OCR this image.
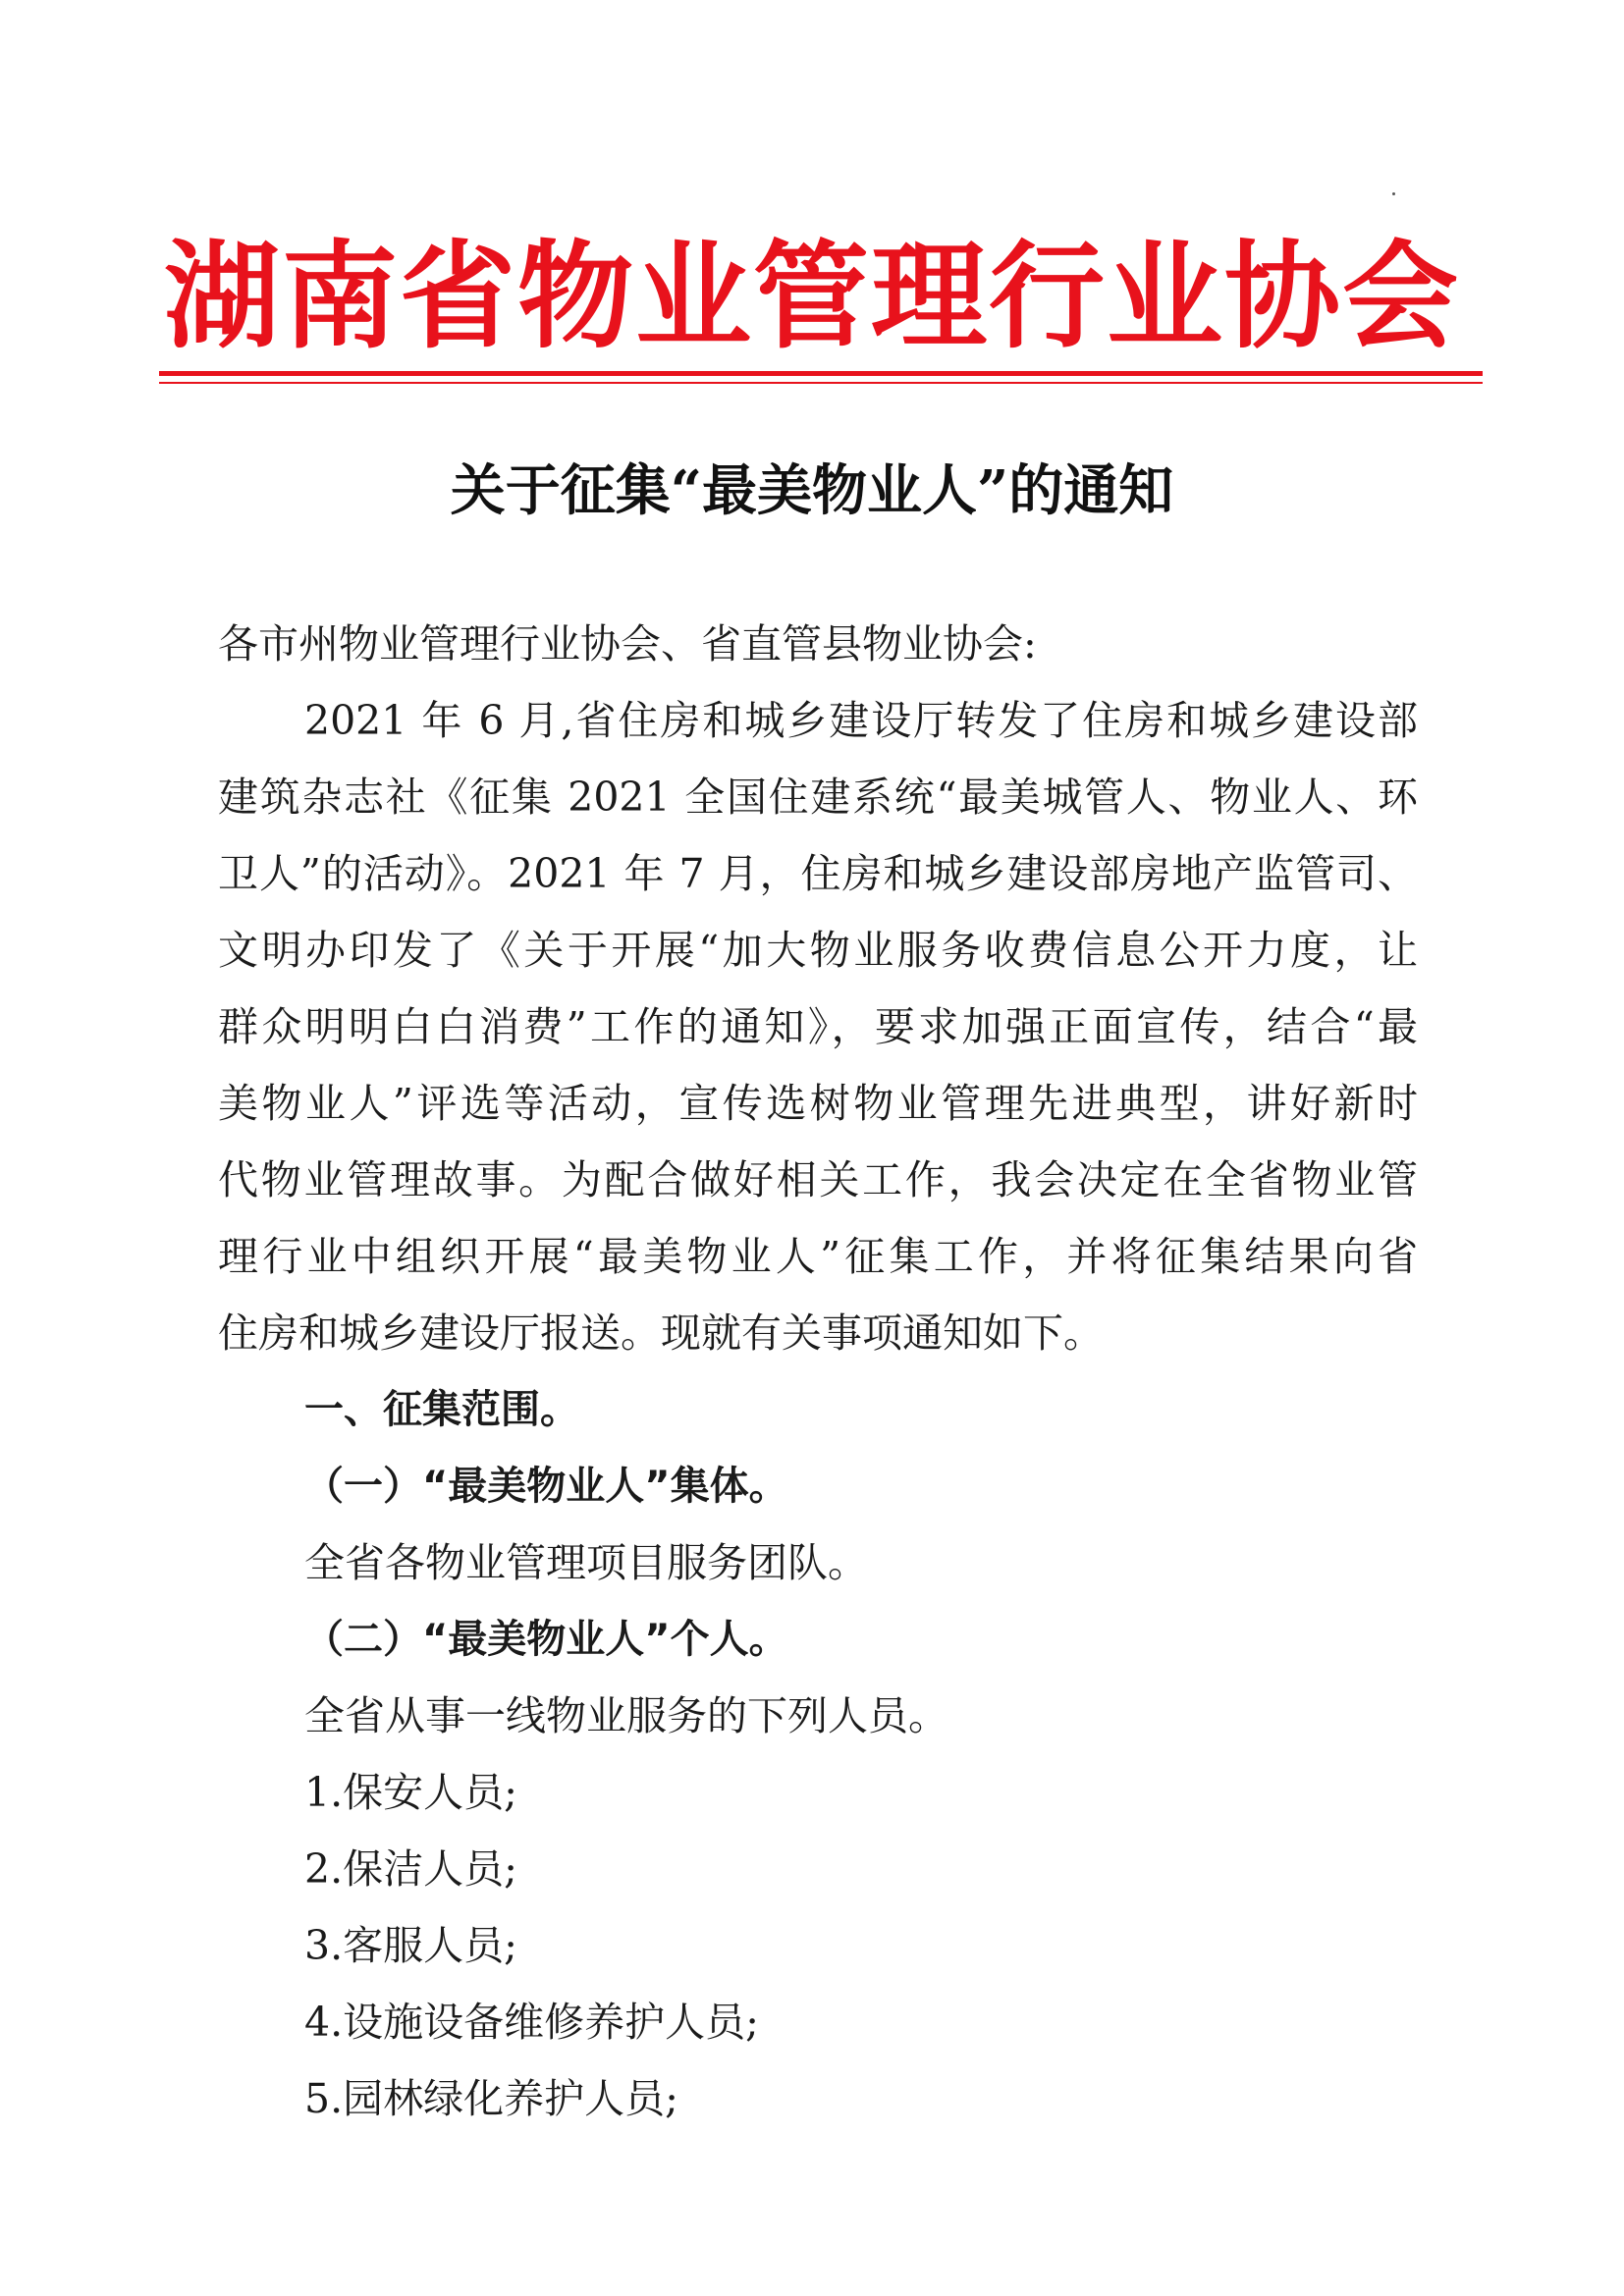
湖南省物业管理行业协会
关于征集“最美物业人”的通知

各市州物业管理行业协会、省直管县物业协会:

2021 年 6 月,省住房和城乡建设厅转发了住房和城乡建设部
建筑杂志社《征集 2021 全国住建系统“最美城管人、物业人、环
卫人”的活动》。2021 年 7 月，住房和城乡建设部房地产监管司、
文明办印发了《关于开展“加大物业服务收费信息公开力度，让
群众明明白白消费”工作的通知》，要求加强正面宣传，结合“最
美物业人”评选等活动，宣传选树物业管理先进典型，讲好新时
代物业管理故事。为配合做好相关工作，我会决定在全省物业管
理行业中组织开展“最美物业人”征集工作，并将征集结果向省
住房和城乡建设厅报送。现就有关事项通知如下。

一、征集范围。

（一）“最美物业人”集体。

全省各物业管理项目服务团队。

（二）“最美物业人”个人。

全省从事一线物业服务的下列人员。

1.保安人员;

2.保洁人员;

3.客服人员;

4.设施设备维修养护人员;

5.园林绿化养护人员;
